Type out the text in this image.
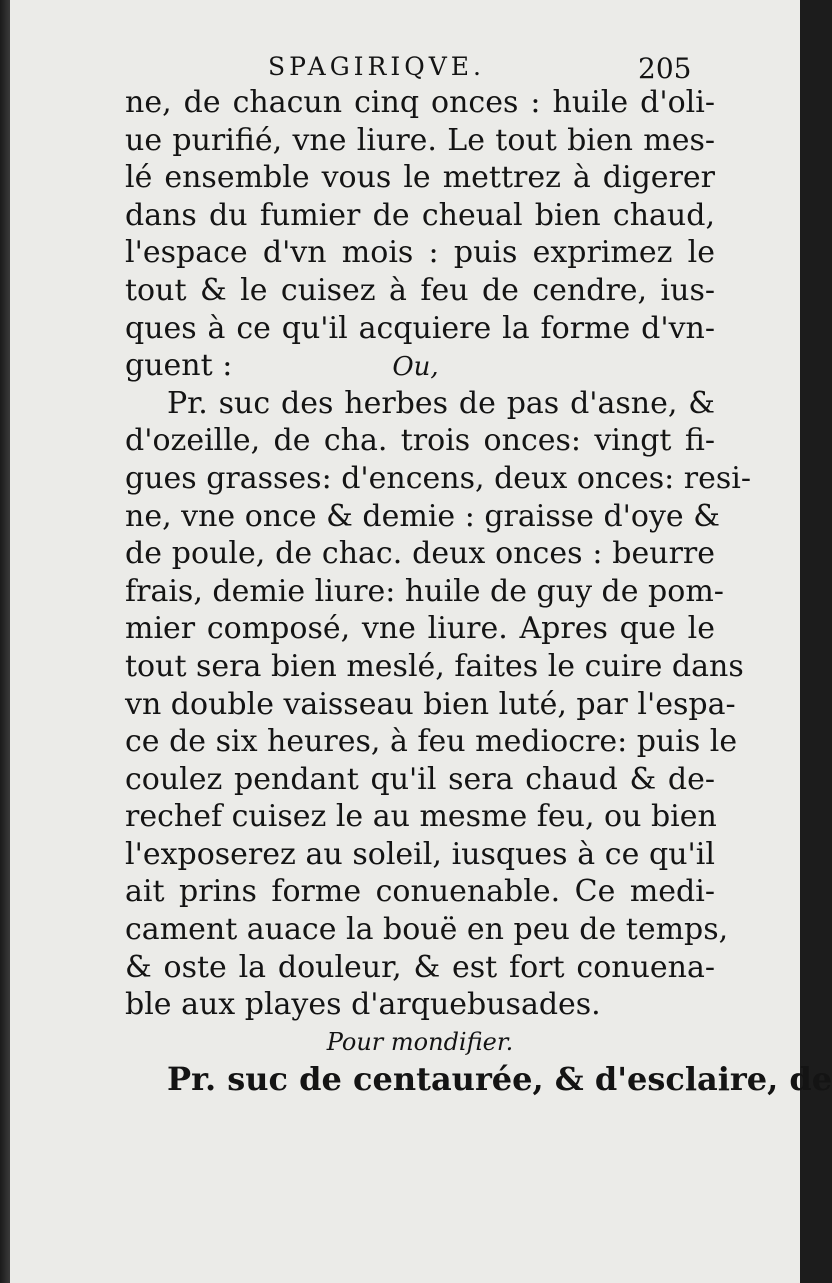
SPAGIRIQVE.	205
ne, de chacun cinq onces : huile d'oli-
ue purifié, vne liure. Le tout bien mes-
lé ensemble vous le mettrez à digerer
dans du fumier de cheual bien chaud,
l'espace d'vn mois : puis exprimez le
tout & le cuisez à feu de cendre, ius-
ques à ce qu'il acquiere la forme d'vn-
guent :	Ou,
Pr. suc des herbes de pas d'asne, &
d'ozeille, de cha. trois onces: vingt fi-
gues grasses: d'encens, deux onces: resi-
ne, vne once & demie : graisse d'oye &
de poule, de chac. deux onces : beurre
frais, demie liure: huile de guy de pom-
mier composé, vne liure. Apres que le
tout sera bien meslé, faites le cuire dans
vn double vaisseau bien luté, par l'espa-
ce de six heures, à feu mediocre: puis le
coulez pendant qu'il sera chaud & de-
rechef cuisez le au mesme feu, ou bien
l'exposerez au soleil, iusques à ce qu'il
ait prins forme conuenable. Ce medi-
cament auace la bouë en peu de temps,
& oste la douleur, & est fort conuena-
ble aux playes d'arquebusades.
Pour mondifier.
Pr. suc de centaurée, & d'esclaire, de
